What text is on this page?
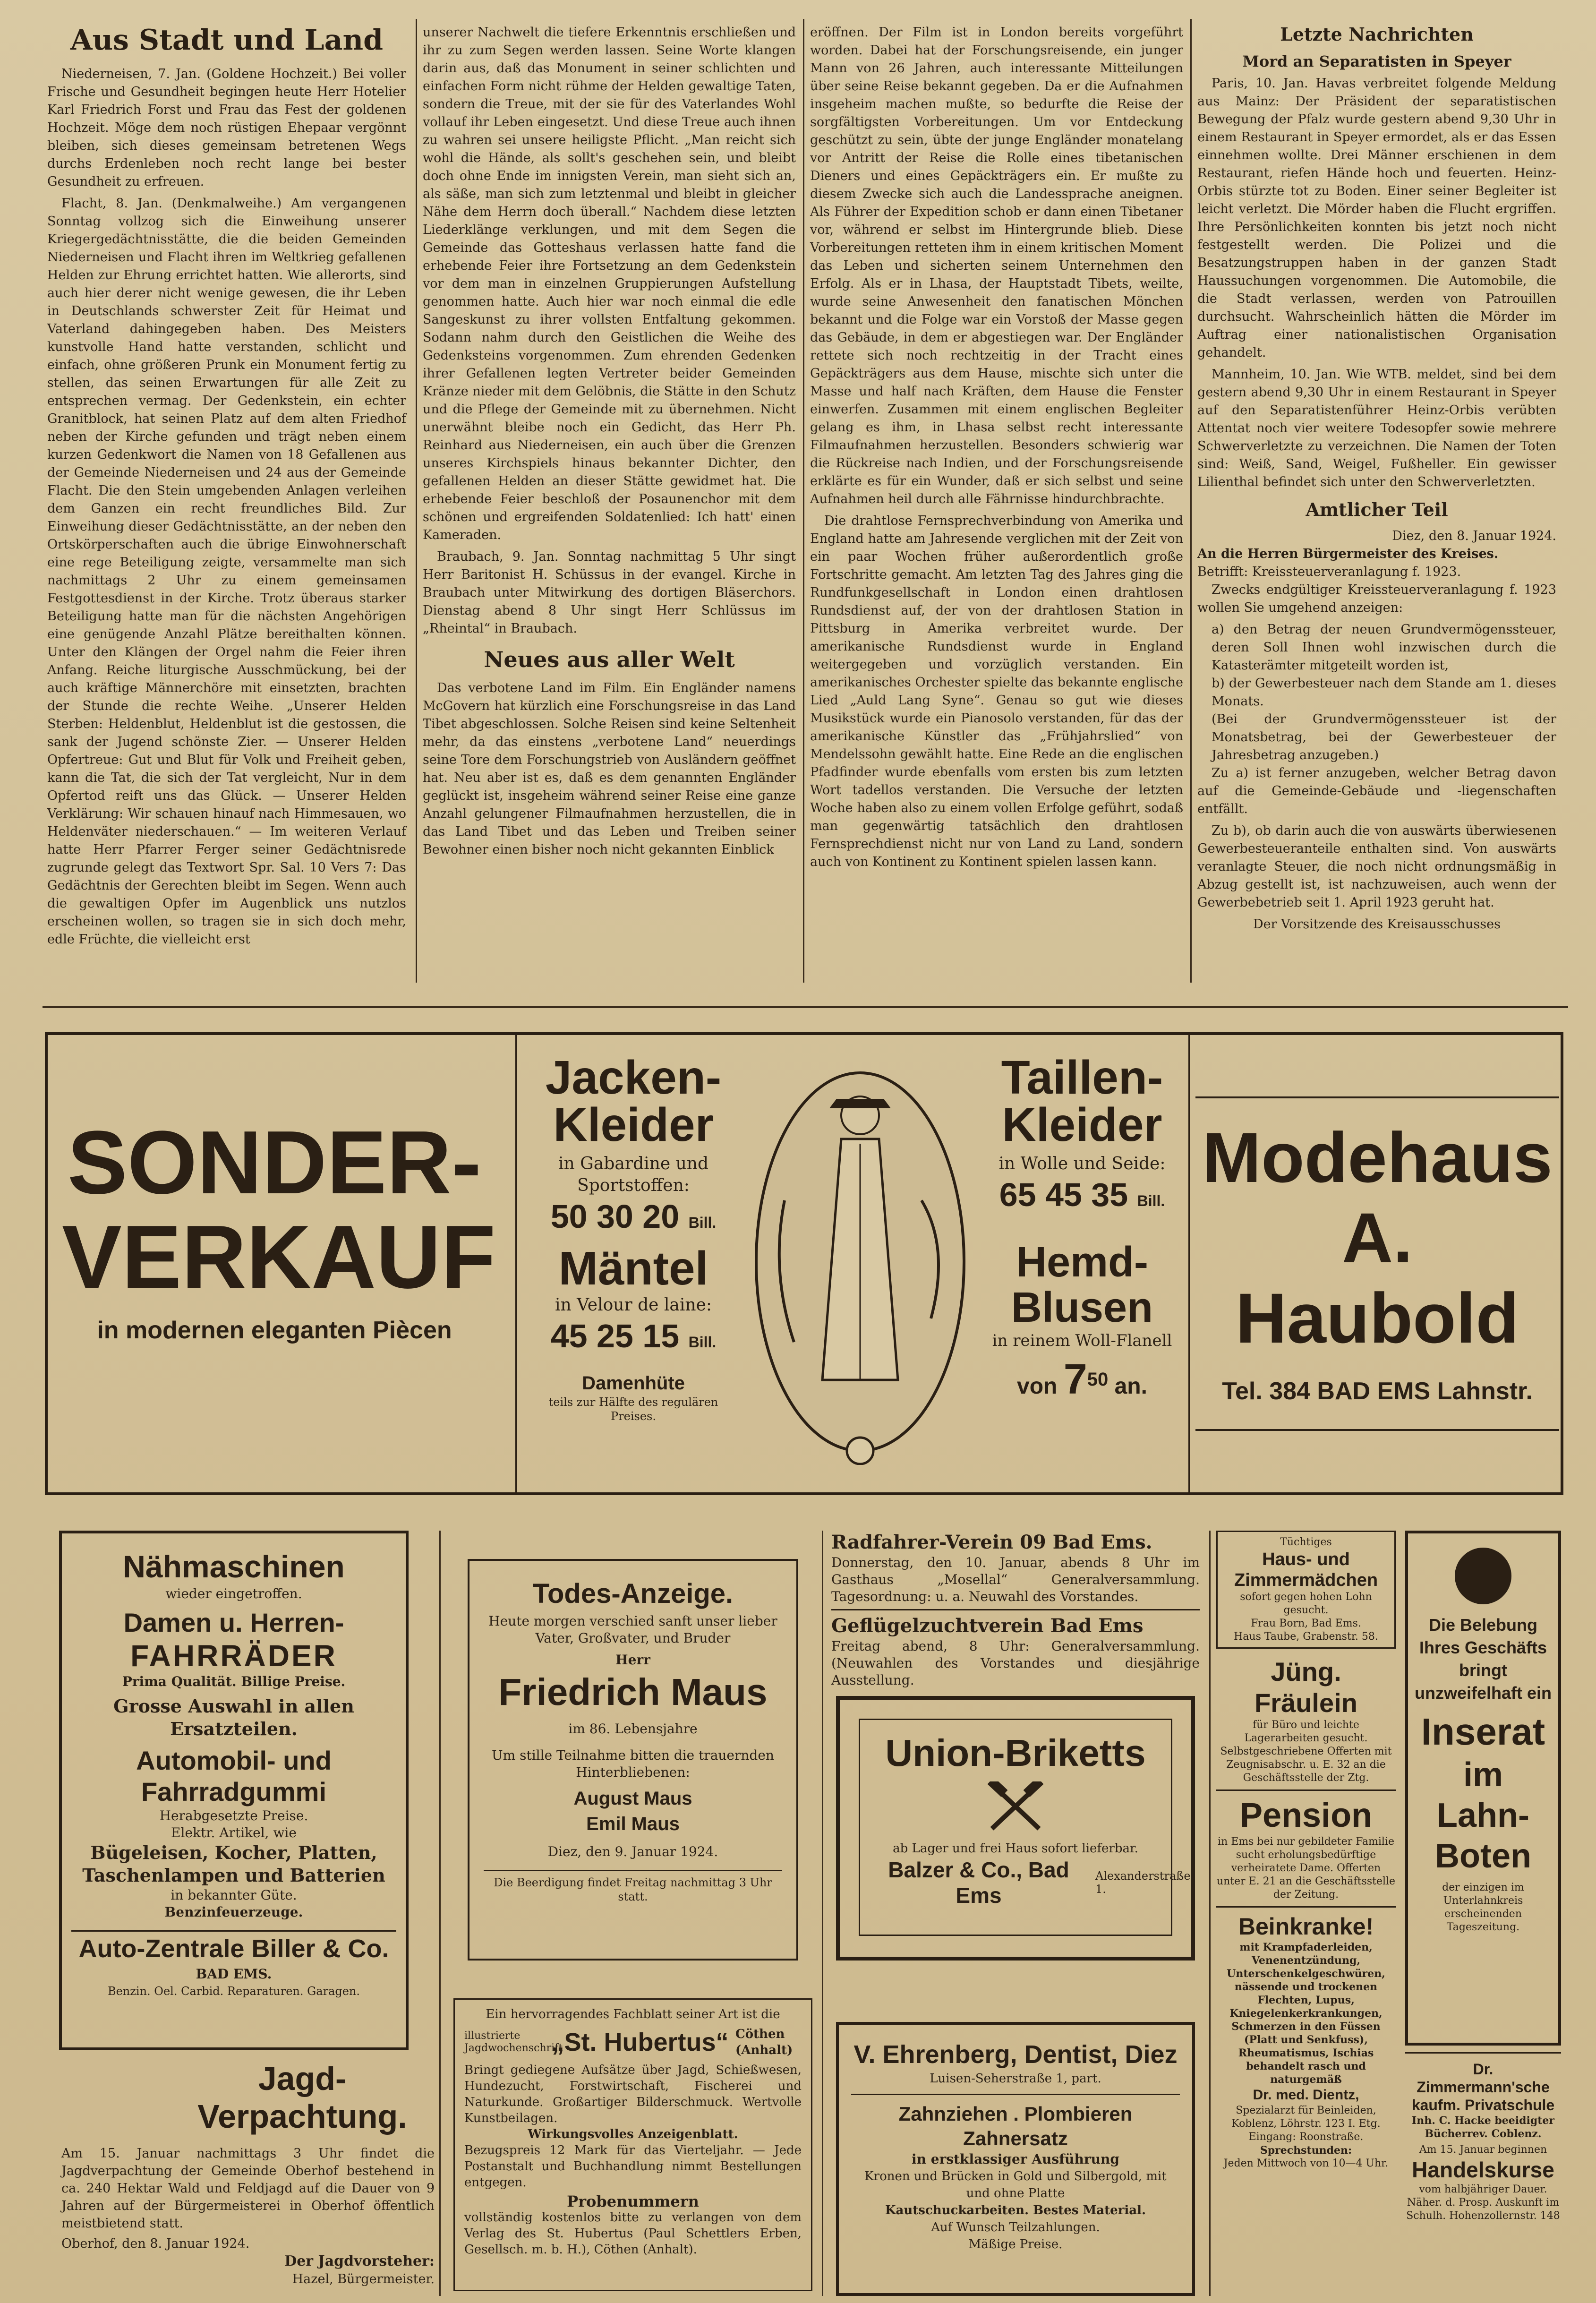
Aus Stadt und Land

Niederneisen, 7. Jan. (Goldene Hochzeit.) Bei voller Frische und Gesundheit begingen heute Herr Hotelier Karl Friedrich Forst und Frau das Fest der goldenen Hochzeit. Möge dem noch rüstigen Ehepaar vergönnt bleiben, sich dieses gemeinsam betretenen Wegs durchs Erdenleben noch recht lange bei bester Gesundheit zu erfreuen.

Flacht, 8. Jan. (Denkmalweihe.) Am vergangenen Sonntag vollzog sich die Einweihung unserer Kriegergedächtnisstätte, die die beiden Gemeinden Niederneisen und Flacht ihren im Weltkrieg gefallenen Helden zur Ehrung errichtet hatten. Wie allerorts, sind auch hier derer nicht wenige gewesen, die ihr Leben in Deutschlands schwerster Zeit für Heimat und Vaterland dahingegeben haben. Des Meisters kunstvolle Hand hatte verstanden, schlicht und einfach, ohne größeren Prunk ein Monument fertig zu stellen, das seinen Erwartungen für alle Zeit zu entsprechen vermag. Der Gedenkstein, ein echter Granitblock, hat seinen Platz auf dem alten Friedhof neben der Kirche gefunden und trägt neben einem kurzen Gedenkwort die Namen von 18 Gefallenen aus der Gemeinde Niederneisen und 24 aus der Gemeinde Flacht. Die den Stein umgebenden Anlagen verleihen dem Ganzen ein recht freundliches Bild. Zur Einweihung dieser Gedächtnisstätte, an der neben den Ortskörperschaften auch die übrige Einwohnerschaft eine rege Beteiligung zeigte, versammelte man sich nachmittags 2 Uhr zu einem gemeinsamen Festgottesdienst in der Kirche. Trotz überaus starker Beteiligung hatte man für die nächsten Angehörigen eine genügende Anzahl Plätze bereithalten können. Unter den Klängen der Orgel nahm die Feier ihren Anfang. Reiche liturgische Ausschmückung, bei der auch kräftige Männerchöre mit einsetzten, brachten der Stunde die rechte Weihe. „Unserer Helden Sterben: Heldenblut, Heldenblut ist die gestossen, die sank der Jugend schönste Zier. — Unserer Helden Opfertreue: Gut und Blut für Volk und Freiheit geben, kann die Tat, die sich der Tat vergleicht, Nur in dem Opfertod reift uns das Glück. — Unserer Helden Verklärung: Wir schauen hinauf nach Himmesauen, wo Heldenväter niederschauen.“ — Im weiteren Verlauf hatte Herr Pfarrer Ferger seiner Gedächtnisrede zugrunde gelegt das Textwort Spr. Sal. 10 Vers 7: Das Gedächtnis der Gerechten bleibt im Segen. Wenn auch die gewaltigen Opfer im Augenblick uns nutzlos erscheinen wollen, so tragen sie in sich doch mehr, edle Früchte, die vielleicht erst

unserer Nachwelt die tiefere Erkenntnis erschließen und ihr zu zum Segen werden lassen. Seine Worte klangen darin aus, daß das Monument in seiner schlichten und einfachen Form nicht rühme der Helden gewaltige Taten, sondern die Treue, mit der sie für des Vaterlandes Wohl vollauf ihr Leben eingesetzt. Und diese Treue auch ihnen zu wahren sei unsere heiligste Pflicht. „Man reicht sich wohl die Hände, als sollt's geschehen sein, und bleibt doch ohne Ende im innigsten Verein, man sieht sich an, als säße, man sich zum letztenmal und bleibt in gleicher Nähe dem Herrn doch überall.“ Nachdem diese letzten Liederklänge verklungen, und mit dem Segen die Gemeinde das Gotteshaus verlassen hatte fand die erhebende Feier ihre Fortsetzung an dem Gedenkstein vor dem man in einzelnen Gruppierungen Aufstellung genommen hatte. Auch hier war noch einmal die edle Sangeskunst zu ihrer vollsten Entfaltung gekommen. Sodann nahm durch den Geistlichen die Weihe des Gedenksteins vorgenommen. Zum ehrenden Gedenken ihrer Gefallenen legten Vertreter beider Gemeinden Kränze nieder mit dem Gelöbnis, die Stätte in den Schutz und die Pflege der Gemeinde mit zu übernehmen. Nicht unerwähnt bleibe noch ein Gedicht, das Herr Ph. Reinhard aus Niederneisen, ein auch über die Grenzen unseres Kirchspiels hinaus bekannter Dichter, den gefallenen Helden an dieser Stätte gewidmet hat. Die erhebende Feier beschloß der Posaunenchor mit dem schönen und ergreifenden Soldatenlied: Ich hatt' einen Kameraden.

Braubach, 9. Jan. Sonntag nachmittag 5 Uhr singt Herr Baritonist H. Schüssus in der evangel. Kirche in Braubach unter Mitwirkung des dortigen Bläserchors. Dienstag abend 8 Uhr singt Herr Schlüssus im „Rheintal“ in Braubach.

Neues aus aller Welt

Das verbotene Land im Film. Ein Engländer namens McGovern hat kürzlich eine Forschungsreise in das Land Tibet abgeschlossen. Solche Reisen sind keine Seltenheit mehr, da das einstens „verbotene Land“ neuerdings seine Tore dem Forschungstrieb von Ausländern geöffnet hat. Neu aber ist es, daß es dem genannten Engländer geglückt ist, insgeheim während seiner Reise eine ganze Anzahl gelungener Filmaufnahmen herzustellen, die in das Land Tibet und das Leben und Treiben seiner Bewohner einen bisher noch nicht gekannten Einblick

eröffnen. Der Film ist in London bereits vorgeführt worden. Dabei hat der Forschungsreisende, ein junger Mann von 26 Jahren, auch interessante Mitteilungen über seine Reise bekannt gegeben. Da er die Aufnahmen insgeheim machen mußte, so bedurfte die Reise der sorgfältigsten Vorbereitungen. Um vor Entdeckung geschützt zu sein, übte der junge Engländer monatelang vor Antritt der Reise die Rolle eines tibetanischen Dieners und eines Gepäckträgers ein. Er mußte zu diesem Zwecke sich auch die Landessprache aneignen. Als Führer der Expedition schob er dann einen Tibetaner vor, während er selbst im Hintergrunde blieb. Diese Vorbereitungen retteten ihm in einem kritischen Moment das Leben und sicherten seinem Unternehmen den Erfolg. Als er in Lhasa, der Hauptstadt Tibets, weilte, wurde seine Anwesenheit den fanatischen Mönchen bekannt und die Folge war ein Vorstoß der Masse gegen das Gebäude, in dem er abgestiegen war. Der Engländer rettete sich noch rechtzeitig in der Tracht eines Gepäckträgers aus dem Hause, mischte sich unter die Masse und half nach Kräften, dem Hause die Fenster einwerfen. Zusammen mit einem englischen Begleiter gelang es ihm, in Lhasa selbst recht interessante Filmaufnahmen herzustellen. Besonders schwierig war die Rückreise nach Indien, und der Forschungsreisende erklärte es für ein Wunder, daß er sich selbst und seine Aufnahmen heil durch alle Fährnisse hindurchbrachte.

Die drahtlose Fernsprechverbindung von Amerika und England hatte am Jahresende verglichen mit der Zeit von ein paar Wochen früher außerordentlich große Fortschritte gemacht. Am letzten Tag des Jahres ging die Rundfunkgesellschaft in London einen drahtlosen Rundsdienst auf, der von der drahtlosen Station in Pittsburg in Amerika verbreitet wurde. Der amerikanische Rundsdienst wurde in England weitergegeben und vorzüglich verstanden. Ein amerikanisches Orchester spielte das bekannte englische Lied „Auld Lang Syne“. Genau so gut wie dieses Musikstück wurde ein Pianosolo verstanden, für das der amerikanische Künstler das „Frühjahrslied“ von Mendelssohn gewählt hatte. Eine Rede an die englischen Pfadfinder wurde ebenfalls vom ersten bis zum letzten Wort tadellos verstanden. Die Versuche der letzten Woche haben also zu einem vollen Erfolge geführt, sodaß man gegenwärtig tatsächlich den drahtlosen Fernsprechdienst nicht nur von Land zu Land, sondern auch von Kontinent zu Kontinent spielen lassen kann.

Letzte Nachrichten
Mord an Separatisten in Speyer

Paris, 10. Jan. Havas verbreitet folgende Meldung aus Mainz: Der Präsident der separatistischen Bewegung der Pfalz wurde gestern abend 9,30 Uhr in einem Restaurant in Speyer ermordet, als er das Essen einnehmen wollte. Drei Männer erschienen in dem Restaurant, riefen Hände hoch und feuerten. Heinz-Orbis stürzte tot zu Boden. Einer seiner Begleiter ist leicht verletzt. Die Mörder haben die Flucht ergriffen. Ihre Persönlichkeiten konnten bis jetzt noch nicht festgestellt werden. Die Polizei und die Besatzungstruppen haben in der ganzen Stadt Haussuchungen vorgenommen. Die Automobile, die die Stadt verlassen, werden von Patrouillen durchsucht. Wahrscheinlich hätten die Mörder im Auftrag einer nationalistischen Organisation gehandelt.

Mannheim, 10. Jan. Wie WTB. meldet, sind bei dem gestern abend 9,30 Uhr in einem Restaurant in Speyer auf den Separatistenführer Heinz-Orbis verübten Attentat noch vier weitere Todesopfer sowie mehrere Schwerverletzte zu verzeichnen. Die Namen der Toten sind: Weiß, Sand, Weigel, Fußheller. Ein gewisser Lilienthal befindet sich unter den Schwerverletzten.

Amtlicher Teil
Diez, den 8. Januar 1924.
An die Herren Bürgermeister des Kreises.
Betrifft: Kreissteuerveranlagung f. 1923.

Zwecks endgültiger Kreissteuerveranlagung f. 1923 wollen Sie umgehend anzeigen:

a) den Betrag der neuen Grundvermögenssteuer, deren Soll Ihnen wohl inzwischen durch die Katasterämter mitgeteilt worden ist,
b) der Gewerbesteuer nach dem Stande am 1. dieses Monats.
(Bei der Grundvermögenssteuer ist der Monatsbetrag, bei der Gewerbesteuer der Jahresbetrag anzugeben.)

Zu a) ist ferner anzugeben, welcher Betrag davon auf die Gemeinde-Gebäude und -liegenschaften entfällt.

Zu b), ob darin auch die von auswärts überwiesenen Gewerbesteueranteile enthalten sind. Von auswärts veranlagte Steuer, die noch nicht ordnungsmäßig in Abzug gestellt ist, ist nachzuweisen, auch wenn der Gewerbebetrieb seit 1. April 1923 geruht hat.

Der Vorsitzende des Kreisausschusses
SONDER-
VERKAUF
in modernen eleganten Piècen
Jacken-
Kleider
in Gabardine und Sportstoffen:
50 30 20 Bill.
Mäntel
in Velour de laine:
45 25 15 Bill.
Damenhüte
teils zur Hälfte des regulären Preises.
Taillen-
Kleider
in Wolle und Seide:
65 45 35 Bill.
Hemd-
Blusen
in reinem Woll-Flanell
von $7^{50}$ an.
Modehaus
A. Haubold
Tel. 384 BAD EMS Lahnstr.
Nähmaschinen
wieder eingetroffen.
Damen u. Herren-
FAHRRÄDER
Prima Qualität. Billige Preise.
Grosse Auswahl in allen Ersatzteilen.
Automobil- und Fahrradgummi
Herabgesetzte Preise.
Elektr. Artikel, wie
Bügeleisen, Kocher, Platten, Taschenlampen und Batterien
in bekannter Güte.
Benzinfeuerzeuge.
Auto-Zentrale Biller & Co.
BAD EMS.
Benzin. Oel. Carbid. Reparaturen. Garagen.
Jagd-
Verpachtung.
Am 15. Januar nachmittags 3 Uhr findet die Jagdverpachtung der Gemeinde Oberhof bestehend in ca. 240 Hektar Wald und Feldjagd auf die Dauer von 9 Jahren auf der Bürgermeisterei in Oberhof öffentlich meistbietend statt.
Oberhof, den 8. Januar 1924.
Der Jagdvorsteher:
Hazel, Bürgermeister.
Todes-Anzeige.
Heute morgen verschied sanft unser lieber Vater, Großvater, und Bruder
Herr
Friedrich Maus
im 86. Lebensjahre
Um stille Teilnahme bitten die trauernden Hinterbliebenen:
August Maus
Emil Maus
Diez, den 9. Januar 1924.
Die Beerdigung findet Freitag nachmittag 3 Uhr statt.
Ein hervorragendes Fachblatt seiner Art ist die
illustrierte Jagdwochenschrift
„St. Hubertus“ Cöthen (Anhalt)
Bringt gediegene Aufsätze über Jagd, Schießwesen, Hundezucht, Forstwirtschaft, Fischerei und Naturkunde. Großartiger Bilderschmuck. Wertvolle Kunstbeilagen.
Wirkungsvolles Anzeigenblatt.
Bezugspreis 12 Mark für das Vierteljahr. — Jede Postanstalt und Buchhandlung nimmt Bestellungen entgegen.
Probenummern
vollständig kostenlos bitte zu verlangen von dem Verlag des St. Hubertus (Paul Schettlers Erben, Gesellsch. m. b. H.), Cöthen (Anhalt).
Radfahrer-Verein 09 Bad Ems.
Donnerstag, den 10. Januar, abends 8 Uhr im Gasthaus „Mosellal“ Generalversammlung. Tagesordnung: u. a. Neuwahl des Vorstandes.
Geflügelzuchtverein Bad Ems
Freitag abend, 8 Uhr: Generalversammlung. (Neuwahlen des Vorstandes und diesjährige Ausstellung.
Union-Briketts
ab Lager und frei Haus sofort lieferbar.
Balzer & Co., Bad Ems
Alexanderstraße 1.
V. Ehrenberg, Dentist, Diez
Luisen-Seherstraße 1, part.
Zahnziehen . Plombieren
Zahnersatz
in erstklassiger Ausführung
Kronen und Brücken in Gold und Silbergold, mit und ohne Platte
Kautschuckarbeiten. Bestes Material.
Auf Wunsch Teilzahlungen.
Mäßige Preise.
Tüchtiges
Haus- und Zimmermädchen
sofort gegen hohen Lohn gesucht.
Frau Born, Bad Ems.
Haus Taube, Grabenstr. 58.
Jüng. Fräulein
für Büro und leichte Lagerarbeiten gesucht. Selbstgeschriebene Offerten mit Zeugnisabschr. u. E. 32 an die Geschäftsstelle der Ztg.
Pension
in Ems bei nur gebildeter Familie sucht erholungsbedürftige verheiratete Dame. Offerten unter E. 21 an die Geschäftsstelle der Zeitung.
Beinkranke!
mit Krampfaderleiden, Venenentzündung, Unterschenkelgeschwüren, nässende und trockenen Flechten, Lupus, Kniegelenkerkrankungen, Schmerzen in den Füssen (Platt und Senkfuss), Rheumatismus, Ischias behandelt rasch und naturgemäß
Dr. med. Dientz,
Spezialarzt für Beinleiden,
Koblenz, Löhrstr. 123 I. Etg. Eingang: Roonstraße.
Sprechstunden:
Jeden Mittwoch von 10—4 Uhr.
Die Belebung Ihres Geschäfts bringt unzweifelhaft ein
Inserat
im Lahn-Boten
der einzigen im Unterlahnkreis erscheinenden Tageszeitung.
Dr. Zimmermann'sche kaufm. Privatschule
Inh. C. Hacke beeidigter Bücherrev. Coblenz.
Am 15. Januar beginnen
Handelskurse
vom halbjähriger Dauer.
Näher. d. Prosp. Auskunft im Schulh. Hohenzollernstr. 148
